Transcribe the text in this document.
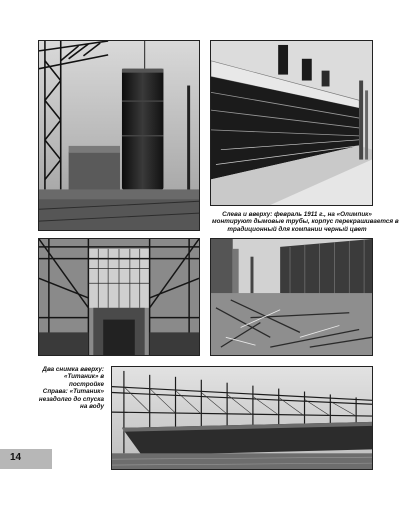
Слева и вверху: февраль 1911 г., на «Олимпик»
монтируют дымовые трубы, корпус перекрашивается в
традиционный для компании черный цвет
Два снимка вверху:
«Титаник» в
постройке
Справа: «Титаник»
незадолго до спуска
на воду
14
